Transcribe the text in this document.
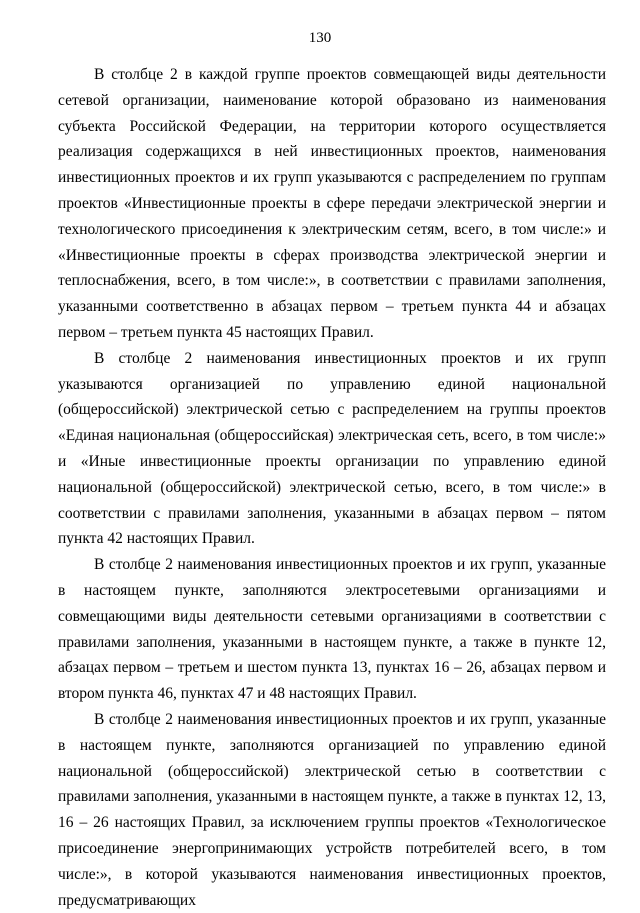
130

В столбце 2 в каждой группе проектов совмещающей виды деятельности сетевой организации, наименование которой образовано из наименования субъекта Российской Федерации, на территории которого осуществляется реализация содержащихся в ней инвестиционных проектов, наименования инвестиционных проектов и их групп указываются с распределением по группам проектов «Инвестиционные проекты в сфере передачи электрической энергии и технологического присоединения к электрическим сетям, всего, в том числе:» и «Инвестиционные проекты в сферах производства электрической энергии и теплоснабжения, всего, в том числе:», в соответствии с правилами заполнения, указанными соответственно в абзацах первом – третьем пункта 44 и абзацах первом – третьем пункта 45 настоящих Правил.

В столбце 2 наименования инвестиционных проектов и их групп указываются организацией по управлению единой национальной (общероссийской) электрической сетью с распределением на группы проектов «Единая национальная (общероссийская) электрическая сеть, всего, в том числе:» и «Иные инвестиционные проекты организации по управлению единой национальной (общероссийской) электрической сетью, всего, в том числе:» в соответствии с правилами заполнения, указанными в абзацах первом – пятом пункта 42 настоящих Правил.

В столбце 2 наименования инвестиционных проектов и их групп, указанные в настоящем пункте, заполняются электросетевыми организациями и совмещающими виды деятельности сетевыми организациями в соответствии с правилами заполнения, указанными в настоящем пункте, а также в пункте 12, абзацах первом – третьем и шестом пункта 13, пунктах 16 – 26, абзацах первом и втором пункта 46, пунктах 47 и 48 настоящих Правил.

В столбце 2 наименования инвестиционных проектов и их групп, указанные в настоящем пункте, заполняются организацией по управлению единой национальной (общероссийской) электрической сетью в соответствии с правилами заполнения, указанными в настоящем пункте, а также в пунктах 12, 13, 16 – 26 настоящих Правил, за исключением группы проектов «Технологическое присоединение энергопринимающих устройств потребителей всего, в том числе:», в которой указываются наименования инвестиционных проектов, предусматривающих
